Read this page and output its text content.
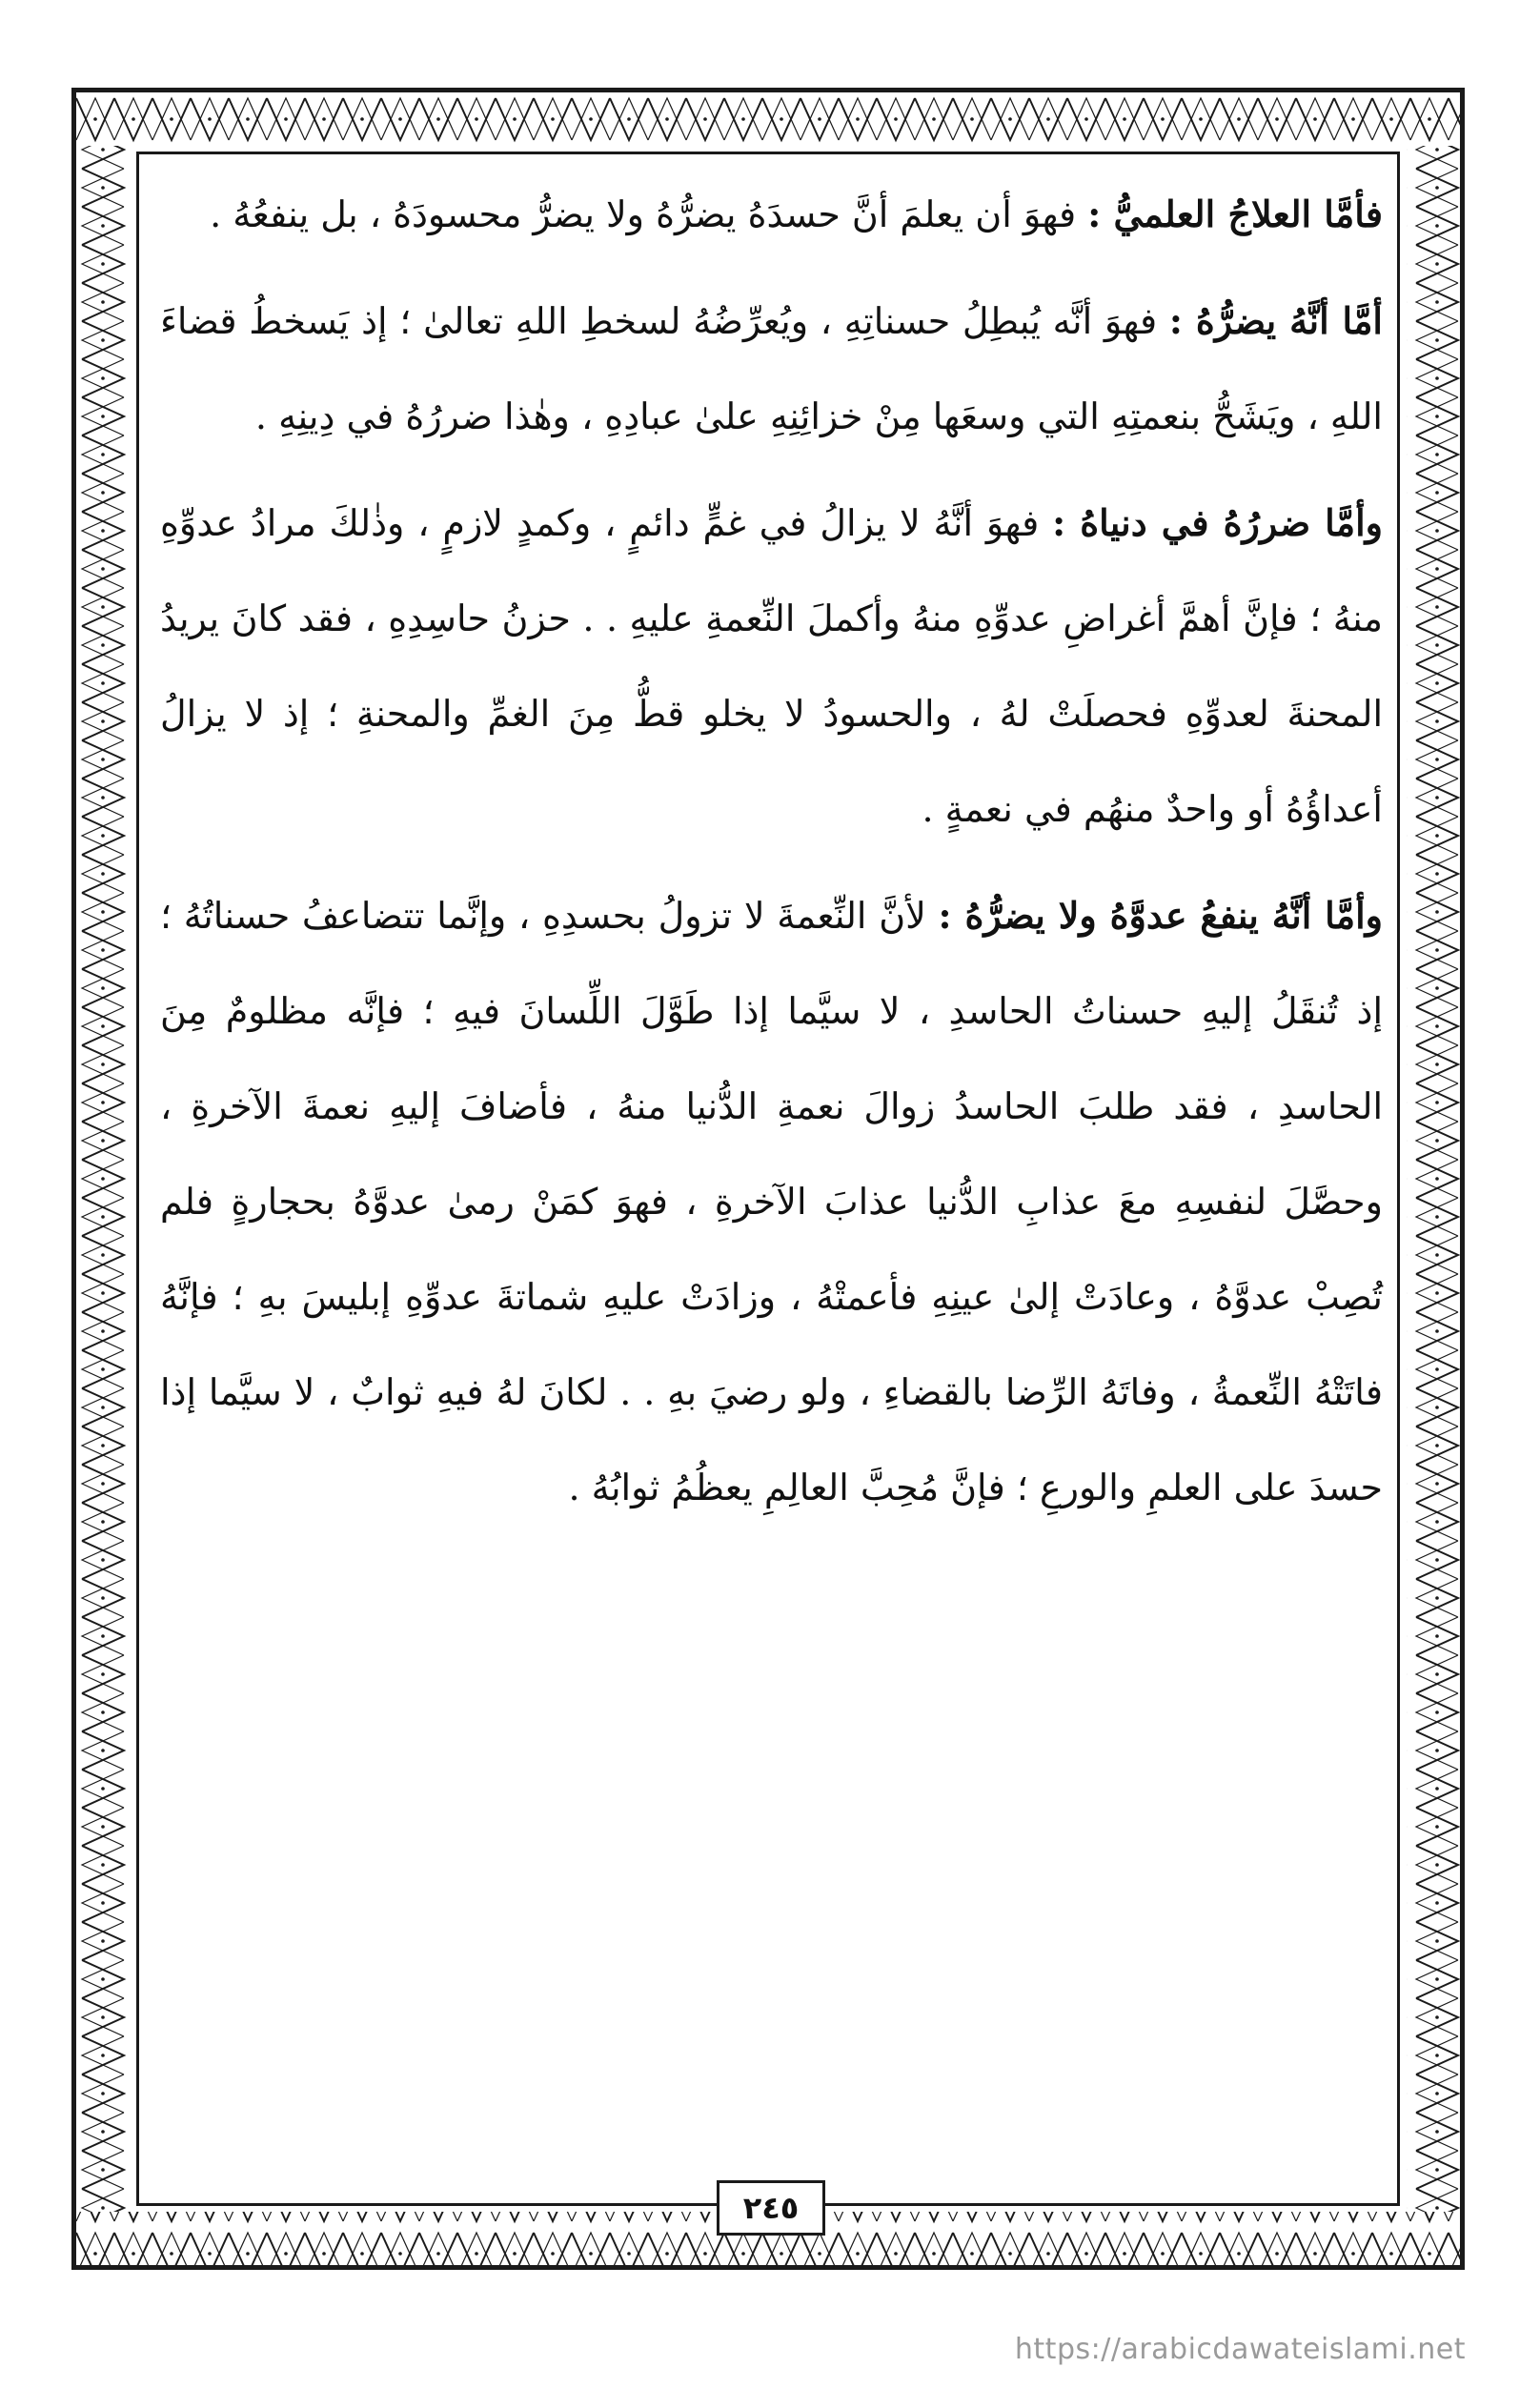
فأمَّا العلاجُ العلميُّ : فهوَ أن يعلمَ أنَّ حسدَهُ يضرُّهُ ولا يضرُّ محسودَهُ ، بل ينفعُهُ .

أمَّا أنَّهُ يضرُّهُ : فهوَ أنَّه يُبطِلُ حسناتِهِ ، ويُعرِّضُهُ لسخطِ اللهِ تعالىٰ ؛ إذ يَسخطُ قضاءَ اللهِ ، ويَشَحُّ بنعمتِهِ التي وسعَها مِنْ خزائِنِهِ علىٰ عبادِهِ ، وهٰذا ضررُهُ في دِينِهِ .

وأمَّا ضررُهُ في دنياهُ : فهوَ أنَّهُ لا يزالُ في غمٍّ دائمٍ ، وكمدٍ لازمٍ ، وذٰلكَ مرادُ عدوِّهِ منهُ ؛ فإنَّ أهمَّ أغراضِ عدوِّهِ منهُ وأكملَ النِّعمةِ عليهِ . . حزنُ حاسِدِهِ ، فقد كانَ يريدُ المحنةَ لعدوِّهِ فحصلَتْ لهُ ، والحسودُ لا يخلو قطُّ مِنَ الغمِّ والمحنةِ ؛ إذ لا يزالُ أعداؤُهُ أو واحدٌ منهُم في نعمةٍ .

وأمَّا أنَّهُ ينفعُ عدوَّهُ ولا يضرُّهُ : لأنَّ النِّعمةَ لا تزولُ بحسدِهِ ، وإنَّما تتضاعفُ حسناتُهُ ؛ إذ تُنقَلُ إليهِ حسناتُ الحاسدِ ، لا سيَّما إذا طَوَّلَ اللِّسانَ فيهِ ؛ فإنَّه مظلومٌ مِنَ الحاسدِ ، فقد طلبَ الحاسدُ زوالَ نعمةِ الدُّنيا منهُ ، فأضافَ إليهِ نعمةَ الآخرةِ ، وحصَّلَ لنفسِهِ معَ عذابِ الدُّنيا عذابَ الآخرةِ ، فهوَ كمَنْ رمىٰ عدوَّهُ بحجارةٍ فلم تُصِبْ عدوَّهُ ، وعادَتْ إلىٰ عينِهِ فأعمتْهُ ، وزادَتْ عليهِ شماتةَ عدوِّهِ إبليسَ بهِ ؛ فإنَّهُ فاتَتْهُ النِّعمةُ ، وفاتَهُ الرِّضا بالقضاءِ ، ولو رضيَ بهِ . . لكانَ لهُ فيهِ ثوابٌ ، لا سيَّما إذا حسدَ على العلمِ والورعِ ؛ فإنَّ مُحِبَّ العالِمِ يعظُمُ ثوابُهُ .

٢٤٥
https://arabicdawateislami.net
